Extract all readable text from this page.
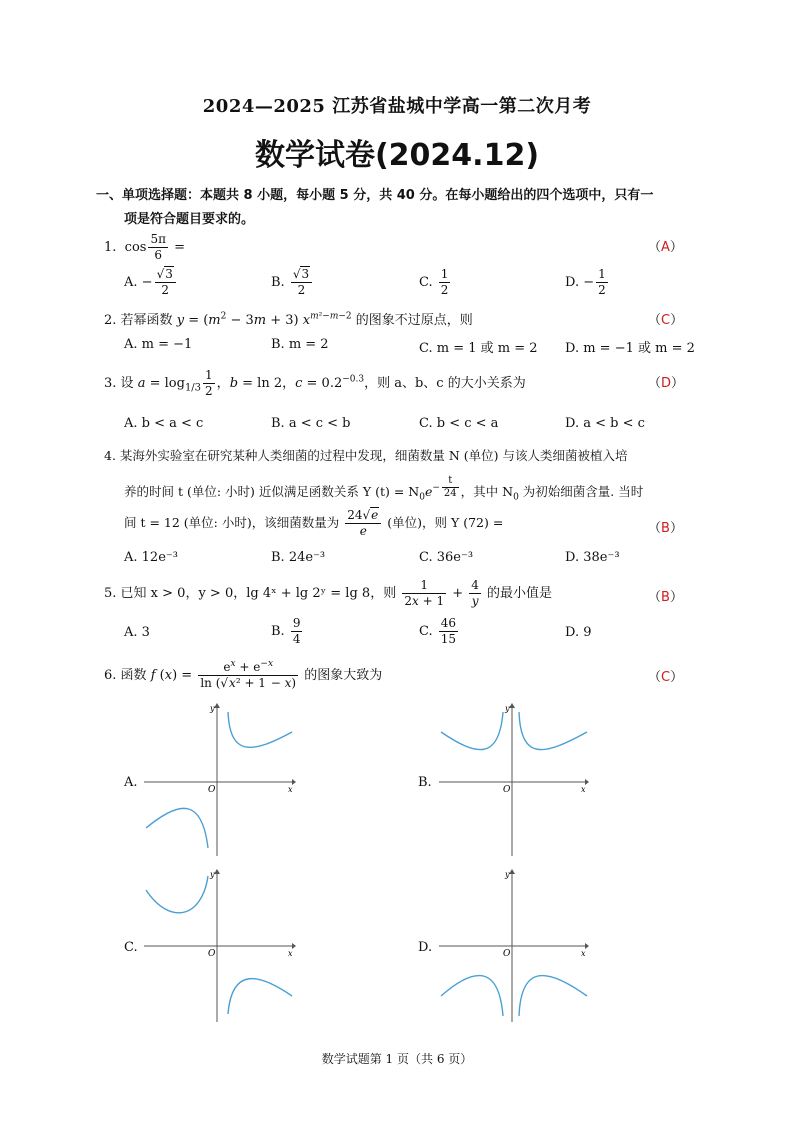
2024—2025 江苏省盐城中学高一第二次月考
数学试卷(2024.12)
一、单项选择题：本题共 8 小题，每小题 5 分，共 40 分。在每小题给出的四个选项中，只有一
项是符合题目要求的。
1.  $\cos \frac{5\pi}{6}$ =	（A）
A. − $\frac{√3}{2}$	B. $\frac{√3}{2}$	C. $\frac{1}{2}$	D. − $\frac{1}{2}$
2. 若幂函数 $y = (m^2 - 3m + 3)$ $x^{m^2-m-2}$ 的图象不过原点，则	（C）
A. m = −1	B. m = 2	C. m = 1 或 m = 2 D. m = −1 或 m = 2
3. 设 $a = \log_{1/3} \frac{1}{2}$ ，b = ln 2，$c = 0.2^{-0.3}$，则 a、b、c 的大小关系为	（D）
A. b < a < c	B. a < c < b	C. b < c < a	D. a < b < c
4. 某海外实验室在研究某种人类细菌的过程中发现，细菌数量 N (单位) 与该人类细菌被植入培
养的时间 t (单位: 小时) 近似满足函数关系 Y $(t) = N_0e^{- \frac{t}{24}}$ ，其中 $N_0$ 为初始细菌含量. 当时
间 t = 12 (单位: 小时)，该细菌数量为 $\frac{24√e}{e}$ (单位)，则 Y (72) =	（B）
A. 12e⁻³	B. 24e⁻³	C. 36e⁻³	D. 38e⁻³
5. 已知 x > 0，y > 0，lg 4ˣ + lg 2ʸ = lg 8，则 $\frac{1}{2x + 1} + \frac{4}{y}$ 的最小值是	（B）
A. 3	B. $\frac{9}{4}$	C. $\frac{46}{15}$	D. 9
6. 函数 f $(x) = \frac{e^x + e^{-x}}{\text{ln (√x² + 1 − x)}}$ 的图象大致为	（C）
A.	B.
C.	D.
O	x
y
O	x
y
O	x
y
O	x
y
数学试题第 1 页（共 6 页）
